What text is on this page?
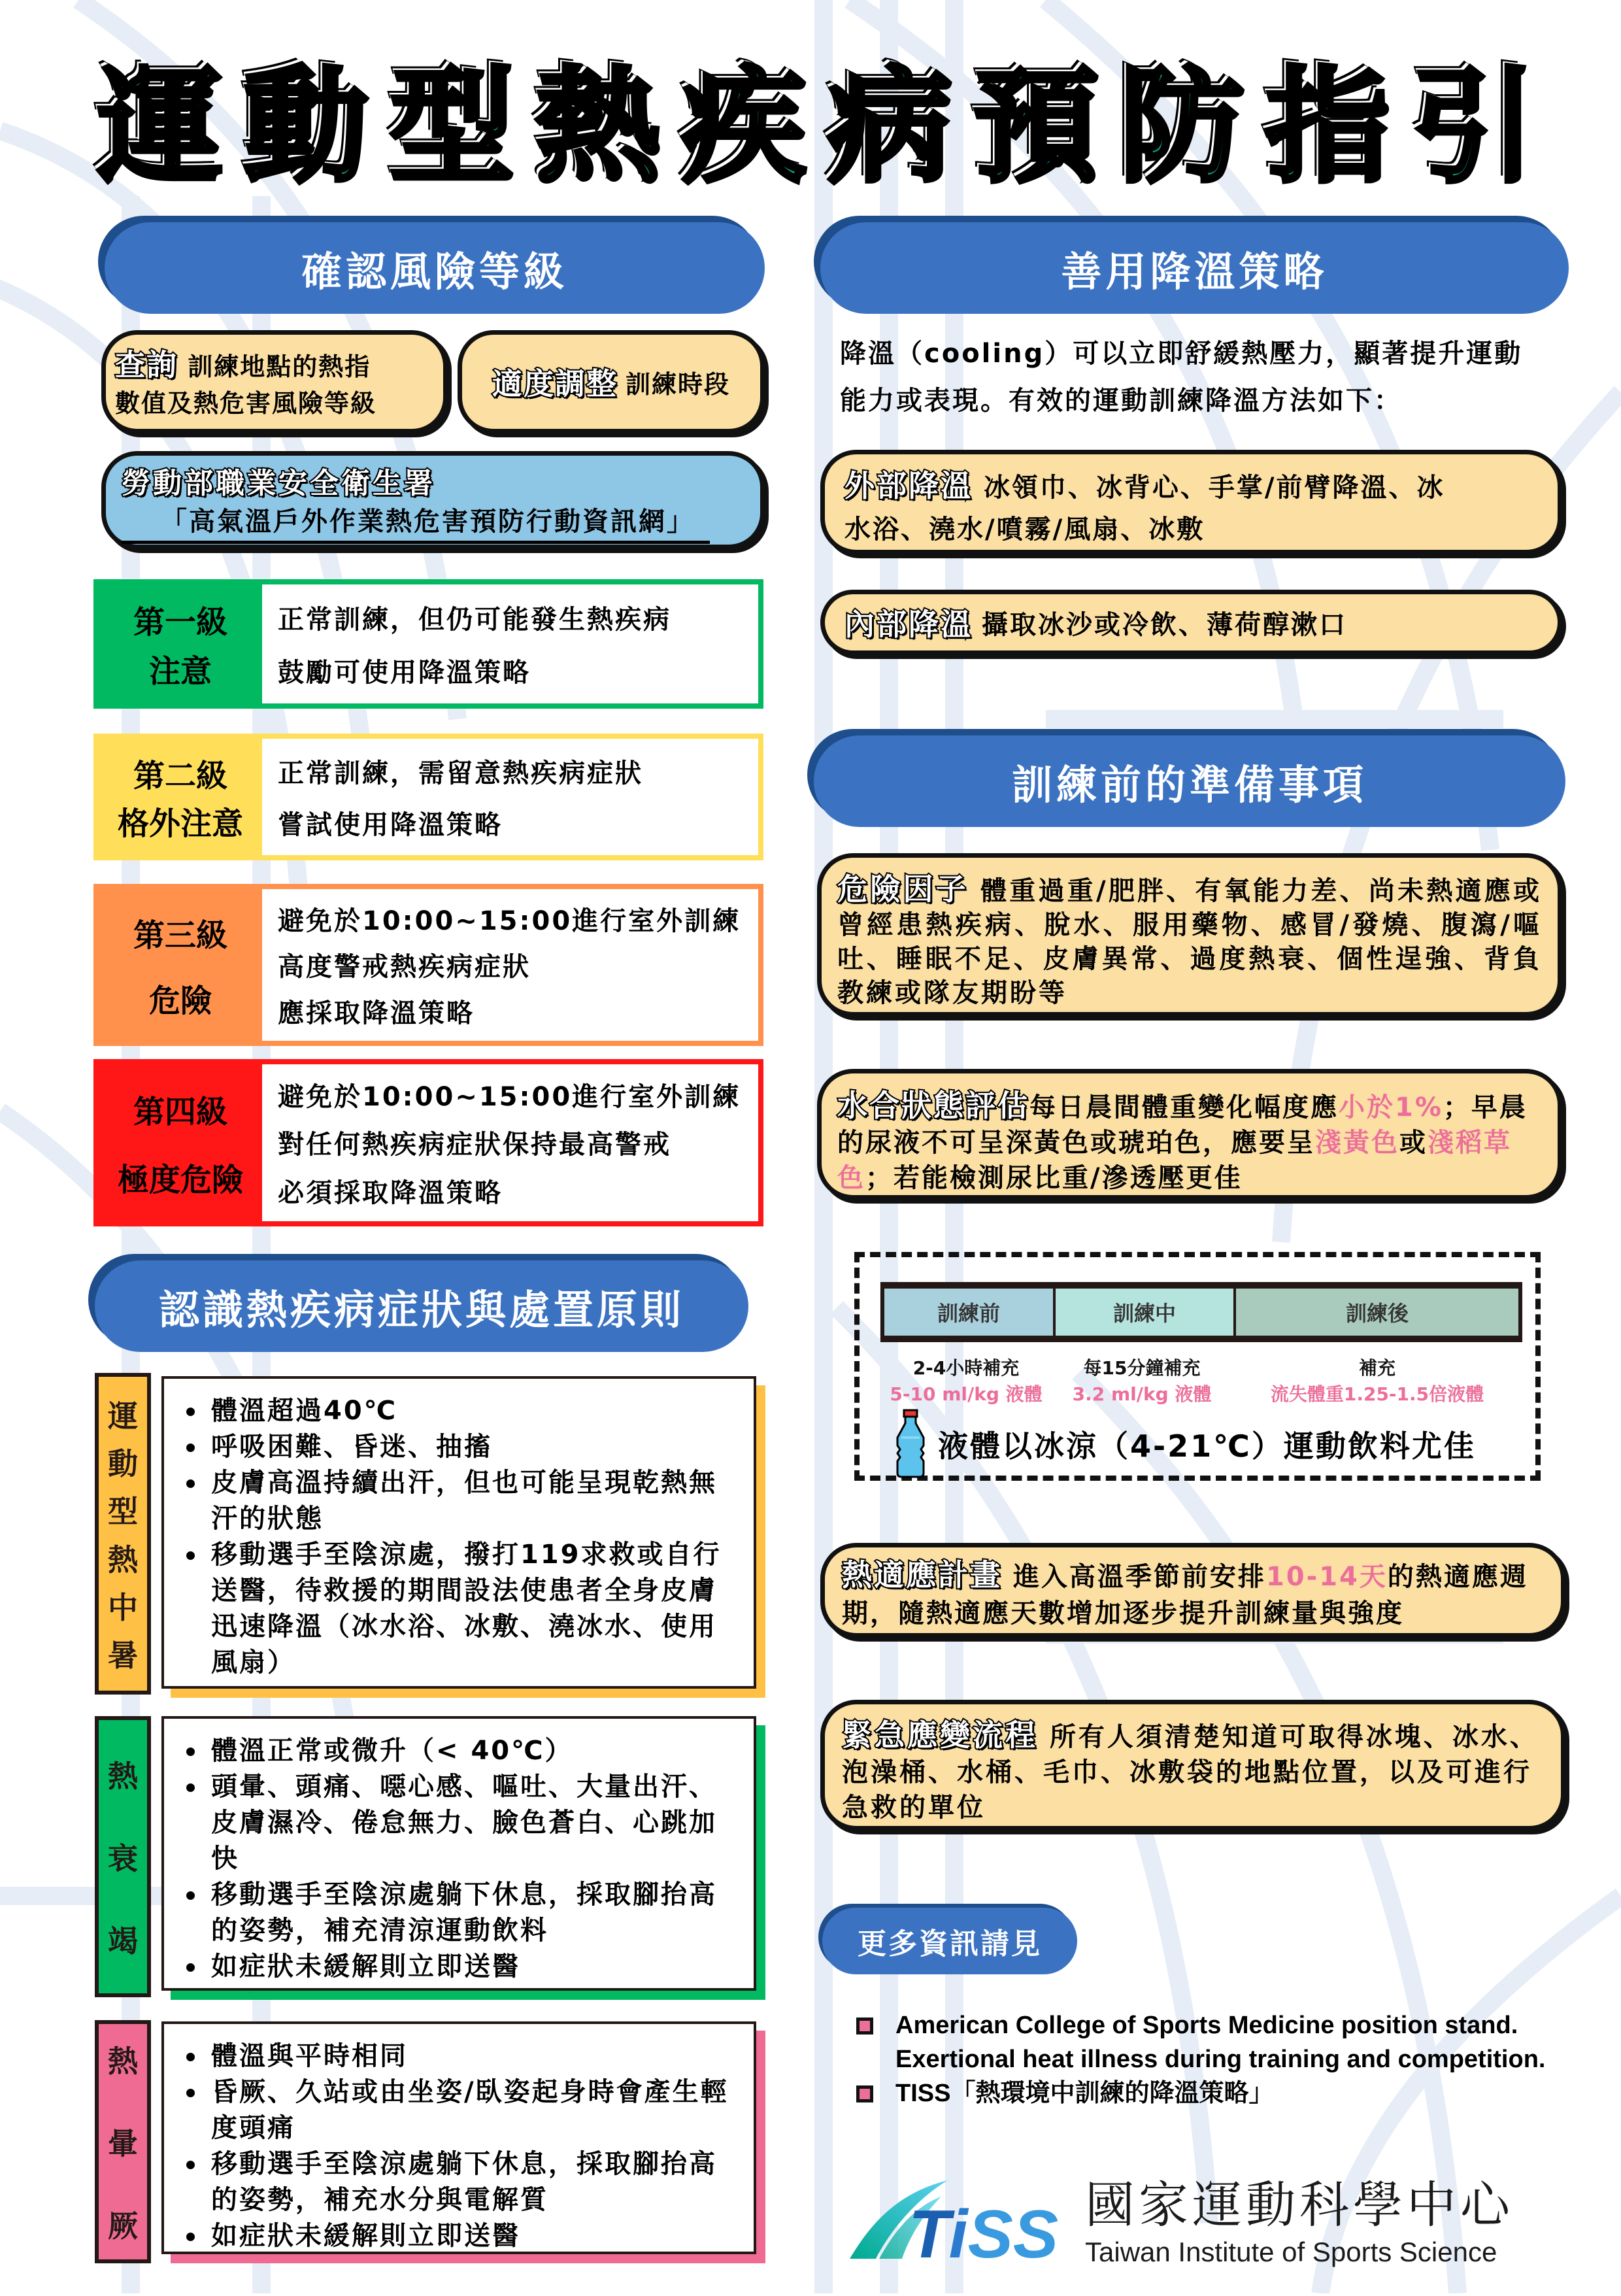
運 動 型 熱 疾 病 預 防 指 引
確認風險等級
查詢 訓練地點的熱指
數值及熱危害風險等級
適度調整 訓練時段
勞動部職業安全衛生署
「高氣溫戶外作業熱危害預防行動資訊網」
第一級
注意
正常訓練，但仍可能發生熱疾病
鼓勵可使用降溫策略
第二級
格外注意
正常訓練，需留意熱疾病症狀
嘗試使用降溫策略
第三級
危險
避免於10:00~15:00進行室外訓練
高度警戒熱疾病症狀
應採取降溫策略
第四級
極度危險
避免於10:00~15:00進行室外訓練
對任何熱疾病症狀保持最高警戒
必須採取降溫策略
認識熱疾病症狀與處置原則
運
動
型
熱
中
暑
體溫超過40℃
呼吸困難、昏迷、抽搐
皮膚高溫持續出汗，但也可能呈現乾熱無汗的狀態
移動選手至陰涼處，撥打119求救或自行送醫，待救援的期間設法使患者全身皮膚迅速降溫（冰水浴、冰敷、澆冰水、使用風扇）
熱
衰
竭
體溫正常或微升（< 40℃）
頭暈、頭痛、噁心感、嘔吐、大量出汗、皮膚濕冷、倦怠無力、臉色蒼白、心跳加快
移動選手至陰涼處躺下休息，採取腳抬高的姿勢，補充清涼運動飲料
如症狀未緩解則立即送醫
熱
暈
厥
體溫與平時相同
昏厥、久站或由坐姿/臥姿起身時會產生輕度頭痛
移動選手至陰涼處躺下休息，採取腳抬高的姿勢，補充水分與電解質
如症狀未緩解則立即送醫
善用降溫策略
降溫（cooling）可以立即舒緩熱壓力，顯著提升運動
能力或表現。有效的運動訓練降溫方法如下：
外部降溫 冰領巾、冰背心、手掌/前臂降溫、冰
水浴、澆水/噴霧/風扇、冰敷
內部降溫 攝取冰沙或冷飲、薄荷醇漱口
訓練前的準備事項
危險因子 體重過重/肥胖、有氧能力差、尚未熱適應或曾經患熱疾病、脫水、服用藥物、感冒/發燒、腹瀉/嘔吐、睡眠不足、皮膚異常、過度熱衰、個性逞強、背負教練或隊友期盼等
水合狀態評估每日晨間體重變化幅度應小於1%；早晨的尿液不可呈深黃色或琥珀色，應要呈淺黃色或淺稻草色；若能檢測尿比重/滲透壓更佳
訓練前	訓練中	訓練後
2-4小時補充
5-10 ml/kg 液體
每15分鐘補充
3.2 ml/kg 液體
補充
流失體重1.25-1.5倍液體
液體以冰涼（4-21℃）運動飲料尤佳
熱適應計畫 進入高溫季節前安排10-14天的熱適應週期，隨熱適應天數增加逐步提升訓練量與強度
緊急應變流程 所有人須清楚知道可取得冰塊、冰水、泡澡桶、水桶、毛巾、冰敷袋的地點位置，以及可進行急救的單位
更多資訊請見
American College of Sports Medicine position stand.
Exertional heat illness during training and competition.
TISS「熱環境中訓練的降溫策略」
TiSS 國家運動科學中心
Taiwan Institute of Sports Science
